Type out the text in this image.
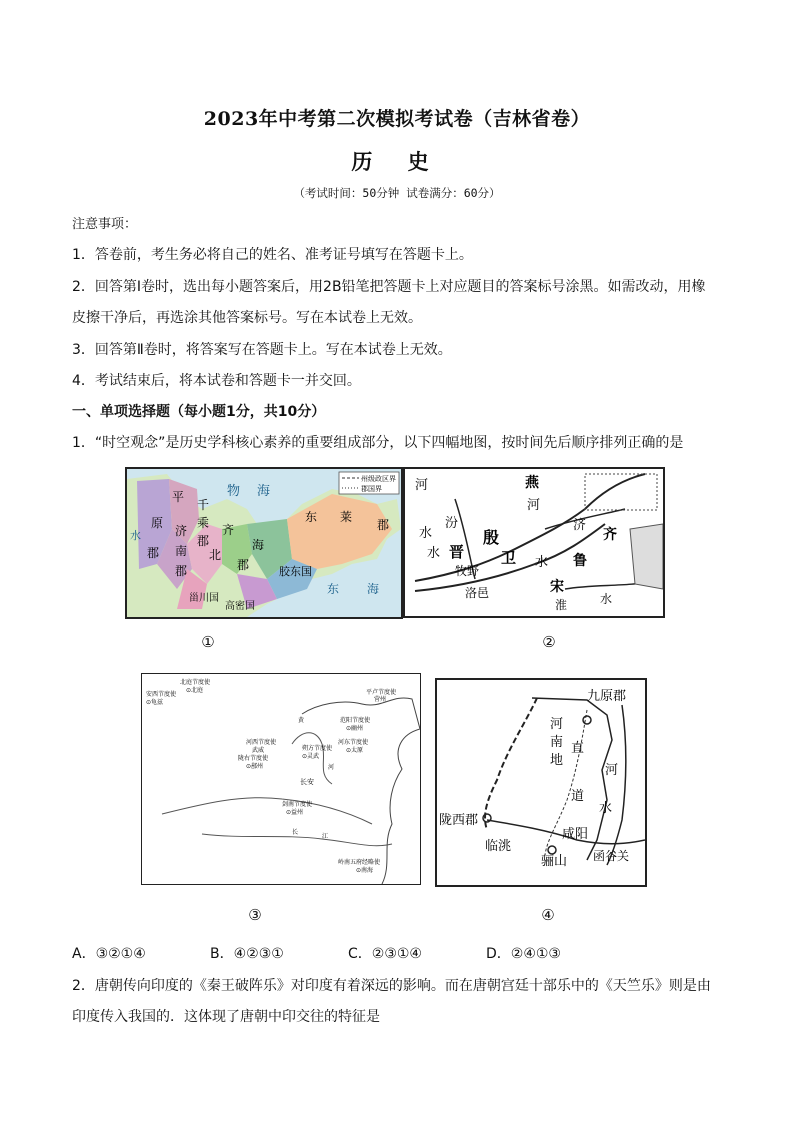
2023年中考第二次模拟考试卷（吉林省卷）
历 史
（考试时间：50分钟 试卷满分：60分）
注意事项：
1．答卷前，考生务必将自己的姓名、准考证号填写在答题卡上。
2．回答第Ⅰ卷时，选出每小题答案后，用2B铅笔把答题卡上对应题目的答案标号涂黑。如需改动，用橡
皮擦干净后，再选涂其他答案标号。写在本试卷上无效。
3．回答第Ⅱ卷时，将答案写在答题卡上。写在本试卷上无效。
4．考试结束后，将本试卷和答题卡一并交回。
一、单项选择题（每小题1分，共10分）
1．“时空观念”是历史学科核心素养的重要组成部分，以下四幅地图，按时间先后顺序排列正确的是
州级政区界
郡国界
平
原
郡
千
乘
郡
济
南
郡
齐
北
海
郡
东 莱
郡
胶东国
物 海
水
东 海
甾川国
高密国
①
河	燕
河
汾
水
水 晋
殷
卫
济
齐
牧野
鲁
水
洛邑	宋
淮	水
②
北庭节度使
⊙北庭
安西节度使
⊙龟兹
平卢节度使
营州
范阳节度使
⊙幽州
河东节度使
⊙太原
河西节度使
武威
陇右节度使
⊙鄯州
朔方节度使
⊙灵武
长安
剑南节度使
⊙益州
岭南五府经略使
⊙南海
黄
河
长
江
③
九原郡
河
南
地
直
道
河
水
陇西郡
临洮
咸阳
骊山 函谷关
④
A．③②①④	B．④②③①	C．②③①④	D．②④①③
2．唐朝传向印度的《秦王破阵乐》对印度有着深远的影响。而在唐朝宫廷十部乐中的《天竺乐》则是由
印度传入我国的．这体现了唐朝中印交往的特征是
